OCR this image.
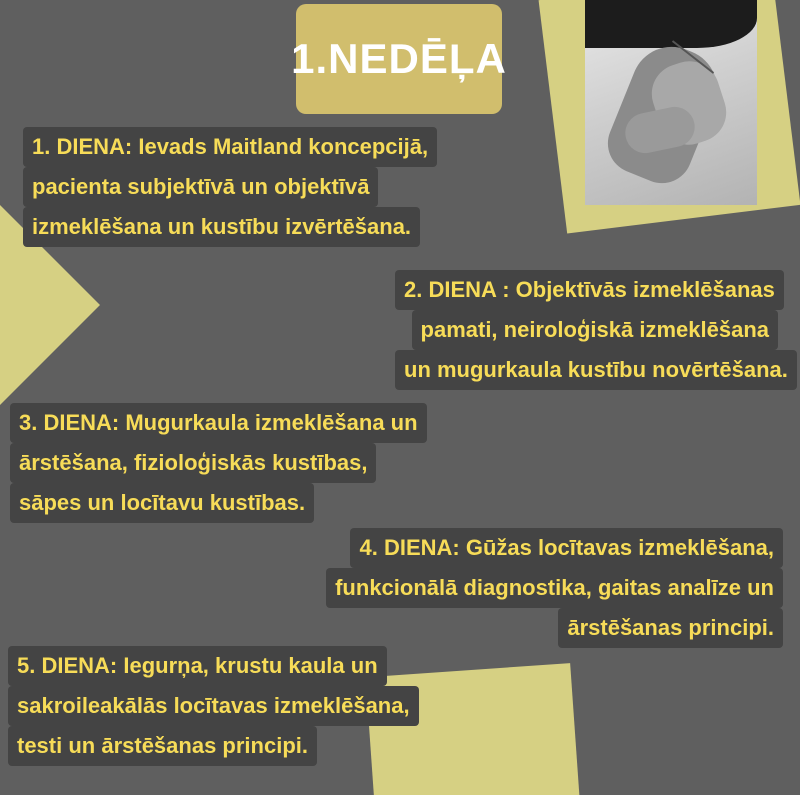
1.NEDĒĻA
1. DIENA: Ievads Maitland koncepcijā,
pacienta subjektīvā un objektīvā
izmeklēšana un kustību izvērtēšana.
2. DIENA : Objektīvās izmeklēšanas
pamati, neiroloģiskā izmeklēšana
un mugurkaula kustību novērtēšana.
3. DIENA: Mugurkaula izmeklēšana un
ārstēšana, fizioloģiskās kustības,
sāpes un locītavu kustības.
4. DIENA: Gūžas locītavas izmeklēšana,
funkcionālā diagnostika, gaitas analīze un
ārstēšanas principi.
5. DIENA: Iegurņa, krustu kaula un
sakroileakālās locītavas izmeklēšana,
testi un ārstēšanas principi.
